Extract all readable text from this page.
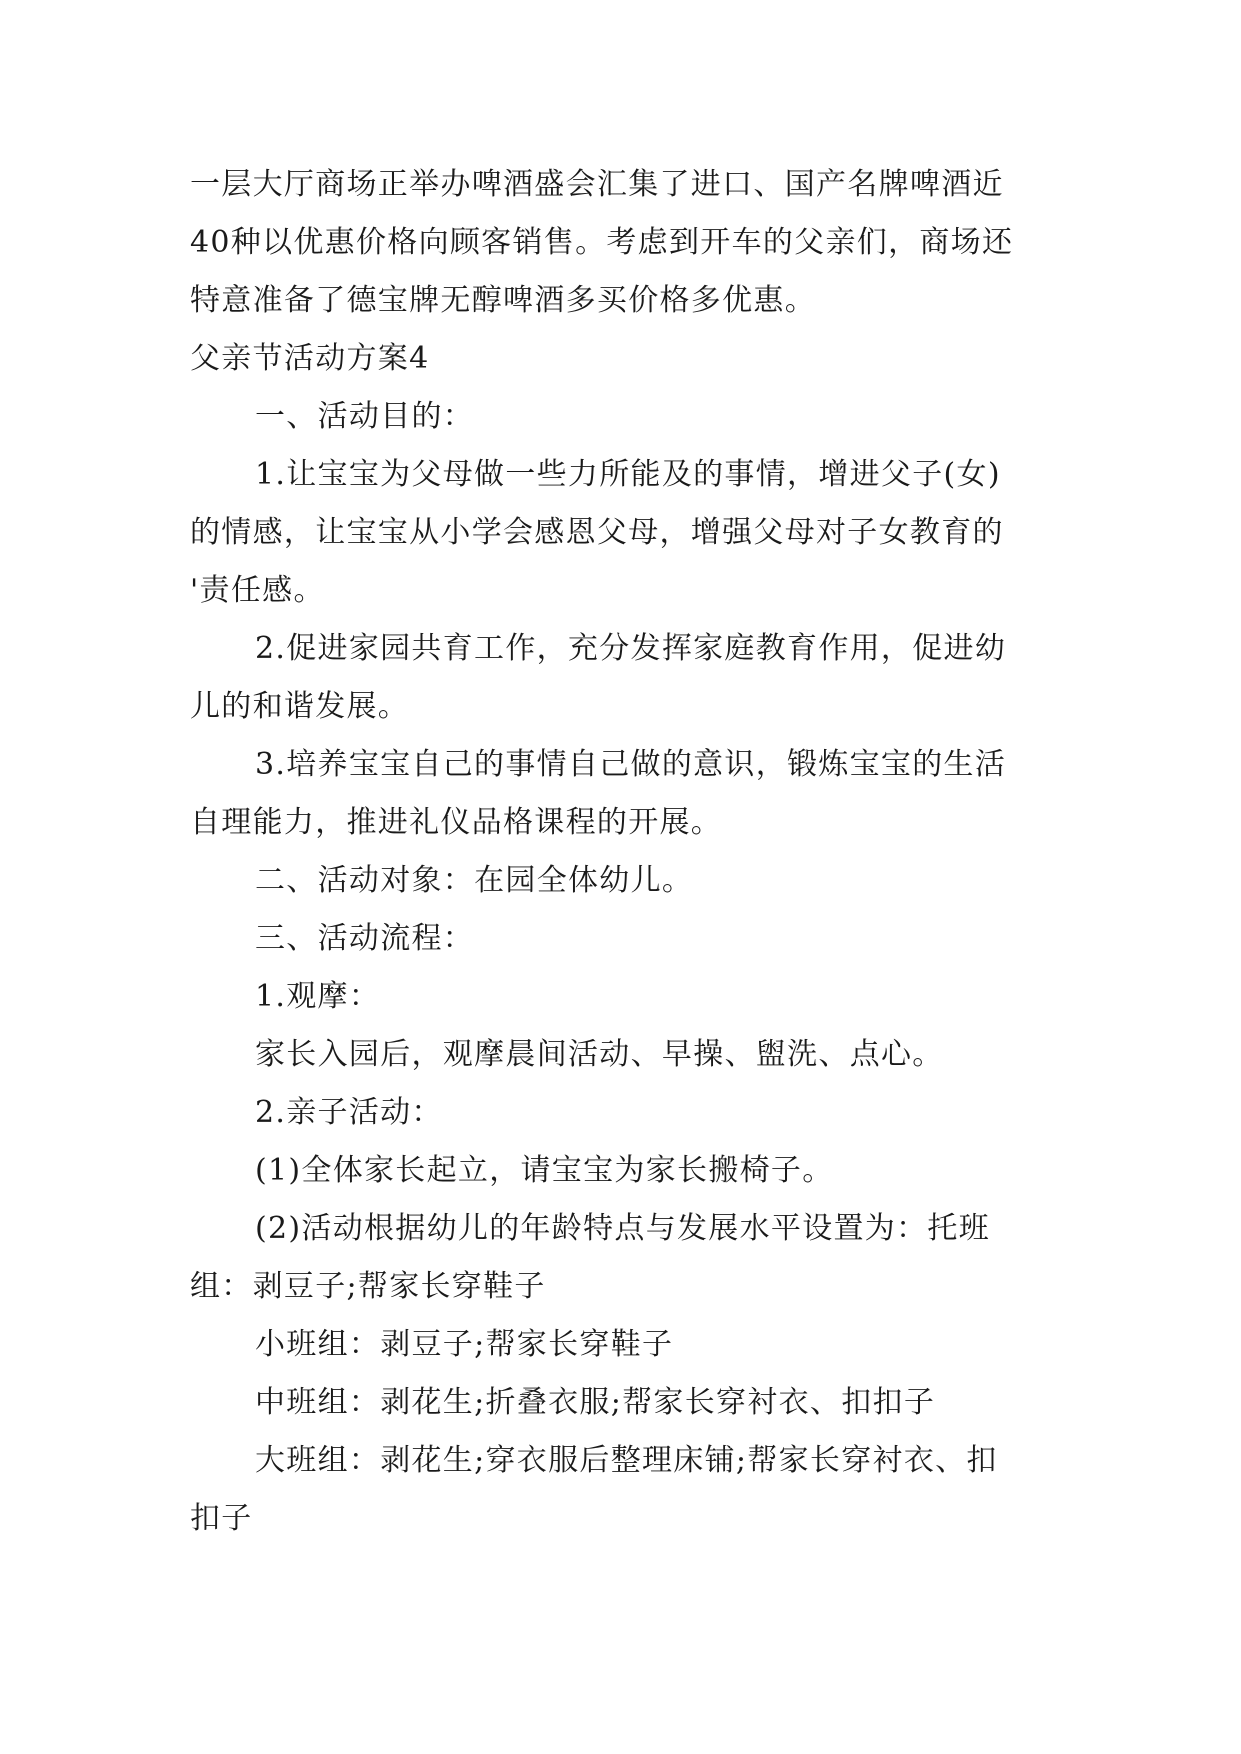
一层大厅商场正举办啤酒盛会汇集了进口、国产名牌啤酒近
40种以优惠价格向顾客销售。考虑到开车的父亲们，商场还
特意准备了德宝牌无醇啤酒多买价格多优惠。
父亲节活动方案4
一、活动目的：
1.让宝宝为父母做一些力所能及的事情，增进父子(女)
的情感，让宝宝从小学会感恩父母，增强父母对子女教育的
'责任感。
2.促进家园共育工作，充分发挥家庭教育作用，促进幼
儿的和谐发展。
3.培养宝宝自己的事情自己做的意识，锻炼宝宝的生活
自理能力，推进礼仪品格课程的开展。
二、活动对象：在园全体幼儿。
三、活动流程：
1.观摩：
家长入园后，观摩晨间活动、早操、盥洗、点心。
2.亲子活动：
(1)全体家长起立，请宝宝为家长搬椅子。
(2)活动根据幼儿的年龄特点与发展水平设置为：托班
组：剥豆子;帮家长穿鞋子
小班组：剥豆子;帮家长穿鞋子
中班组：剥花生;折叠衣服;帮家长穿衬衣、扣扣子
大班组：剥花生;穿衣服后整理床铺;帮家长穿衬衣、扣
扣子
